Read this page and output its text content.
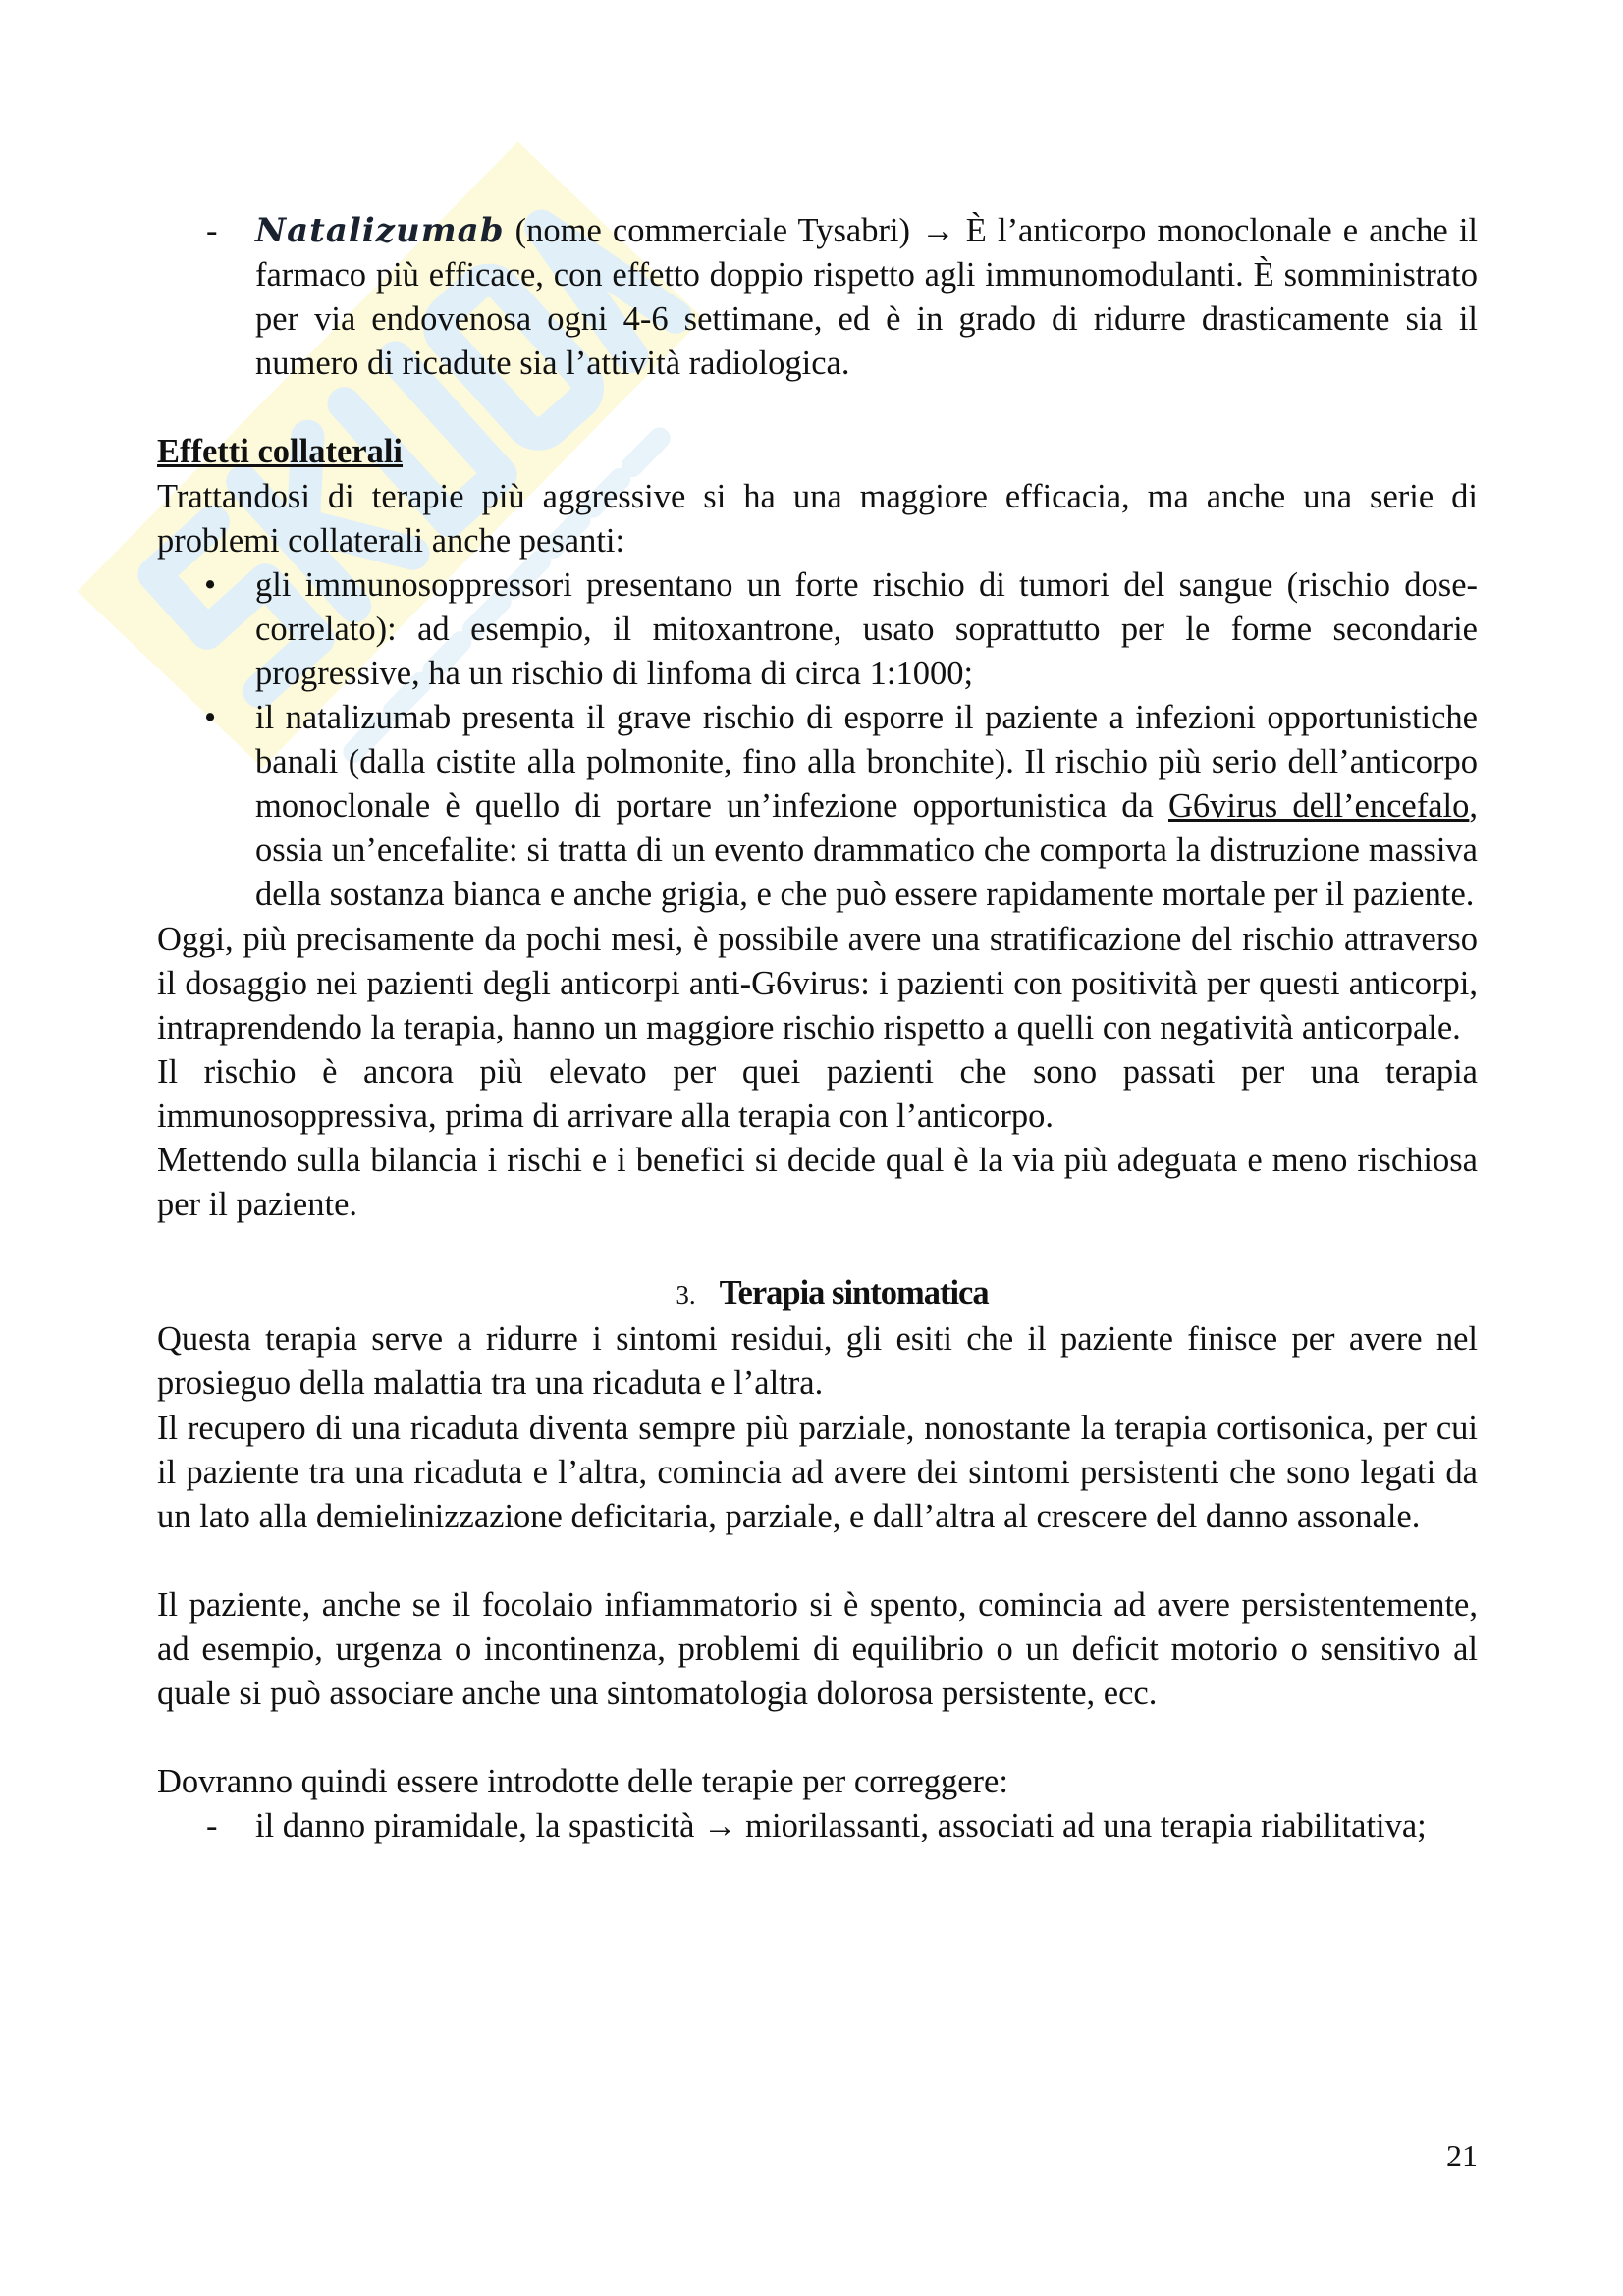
- Natalizumab (nome commerciale Tysabri) → È l’anticorpo monoclonale e anche il farmaco più efficace, con effetto doppio rispetto agli immunomodulanti. È somministrato per via endovenosa ogni 4-6 settimane, ed è in grado di ridurre drasticamente sia il numero di ricadute sia l’attività radiologica.

Effetti collaterali

Trattandosi di terapie più aggressive si ha una maggiore efficacia, ma anche una serie di problemi collaterali anche pesanti:

• gli immunosoppressori presentano un forte rischio di tumori del sangue (rischio dose-correlato): ad esempio, il mitoxantrone, usato soprattutto per le forme secondarie progressive, ha un rischio di linfoma di circa 1:1000;
• il natalizumab presenta il grave rischio di esporre il paziente a infezioni opportunistiche banali (dalla cistite alla polmonite, fino alla bronchite). Il rischio più serio dell’anticorpo monoclonale è quello di portare un’infezione opportunistica da G6virus dell’encefalo, ossia un’encefalite: si tratta di un evento drammatico che comporta la distruzione massiva della sostanza bianca e anche grigia, e che può essere rapidamente mortale per il paziente.

Oggi, più precisamente da pochi mesi, è possibile avere una stratificazione del rischio attraverso il dosaggio nei pazienti degli anticorpi anti-G6virus: i pazienti con positività per questi anticorpi, intraprendendo la terapia, hanno un maggiore rischio rispetto a quelli con negatività anticorpale.

Il rischio è ancora più elevato per quei pazienti che sono passati per una terapia immunosoppressiva, prima di arrivare alla terapia con l’anticorpo.

Mettendo sulla bilancia i rischi e i benefici si decide qual è la via più adeguata e meno rischiosa per il paziente.

3. Terapia sintomatica

Questa terapia serve a ridurre i sintomi residui, gli esiti che il paziente finisce per avere nel prosieguo della malattia tra una ricaduta e l’altra.

Il recupero di una ricaduta diventa sempre più parziale, nonostante la terapia cortisonica, per cui il paziente tra una ricaduta e l’altra, comincia ad avere dei sintomi persistenti che sono legati da un lato alla demielinizzazione deficitaria, parziale, e dall’altra al crescere del danno assonale.

Il paziente, anche se il focolaio infiammatorio si è spento, comincia ad avere persistentemente, ad esempio, urgenza o incontinenza, problemi di equilibrio o un deficit motorio o sensitivo al quale si può associare anche una sintomatologia dolorosa persistente, ecc.

Dovranno quindi essere introdotte delle terapie per correggere:

- il danno piramidale, la spasticità → miorilassanti, associati ad una terapia riabilitativa;
21
